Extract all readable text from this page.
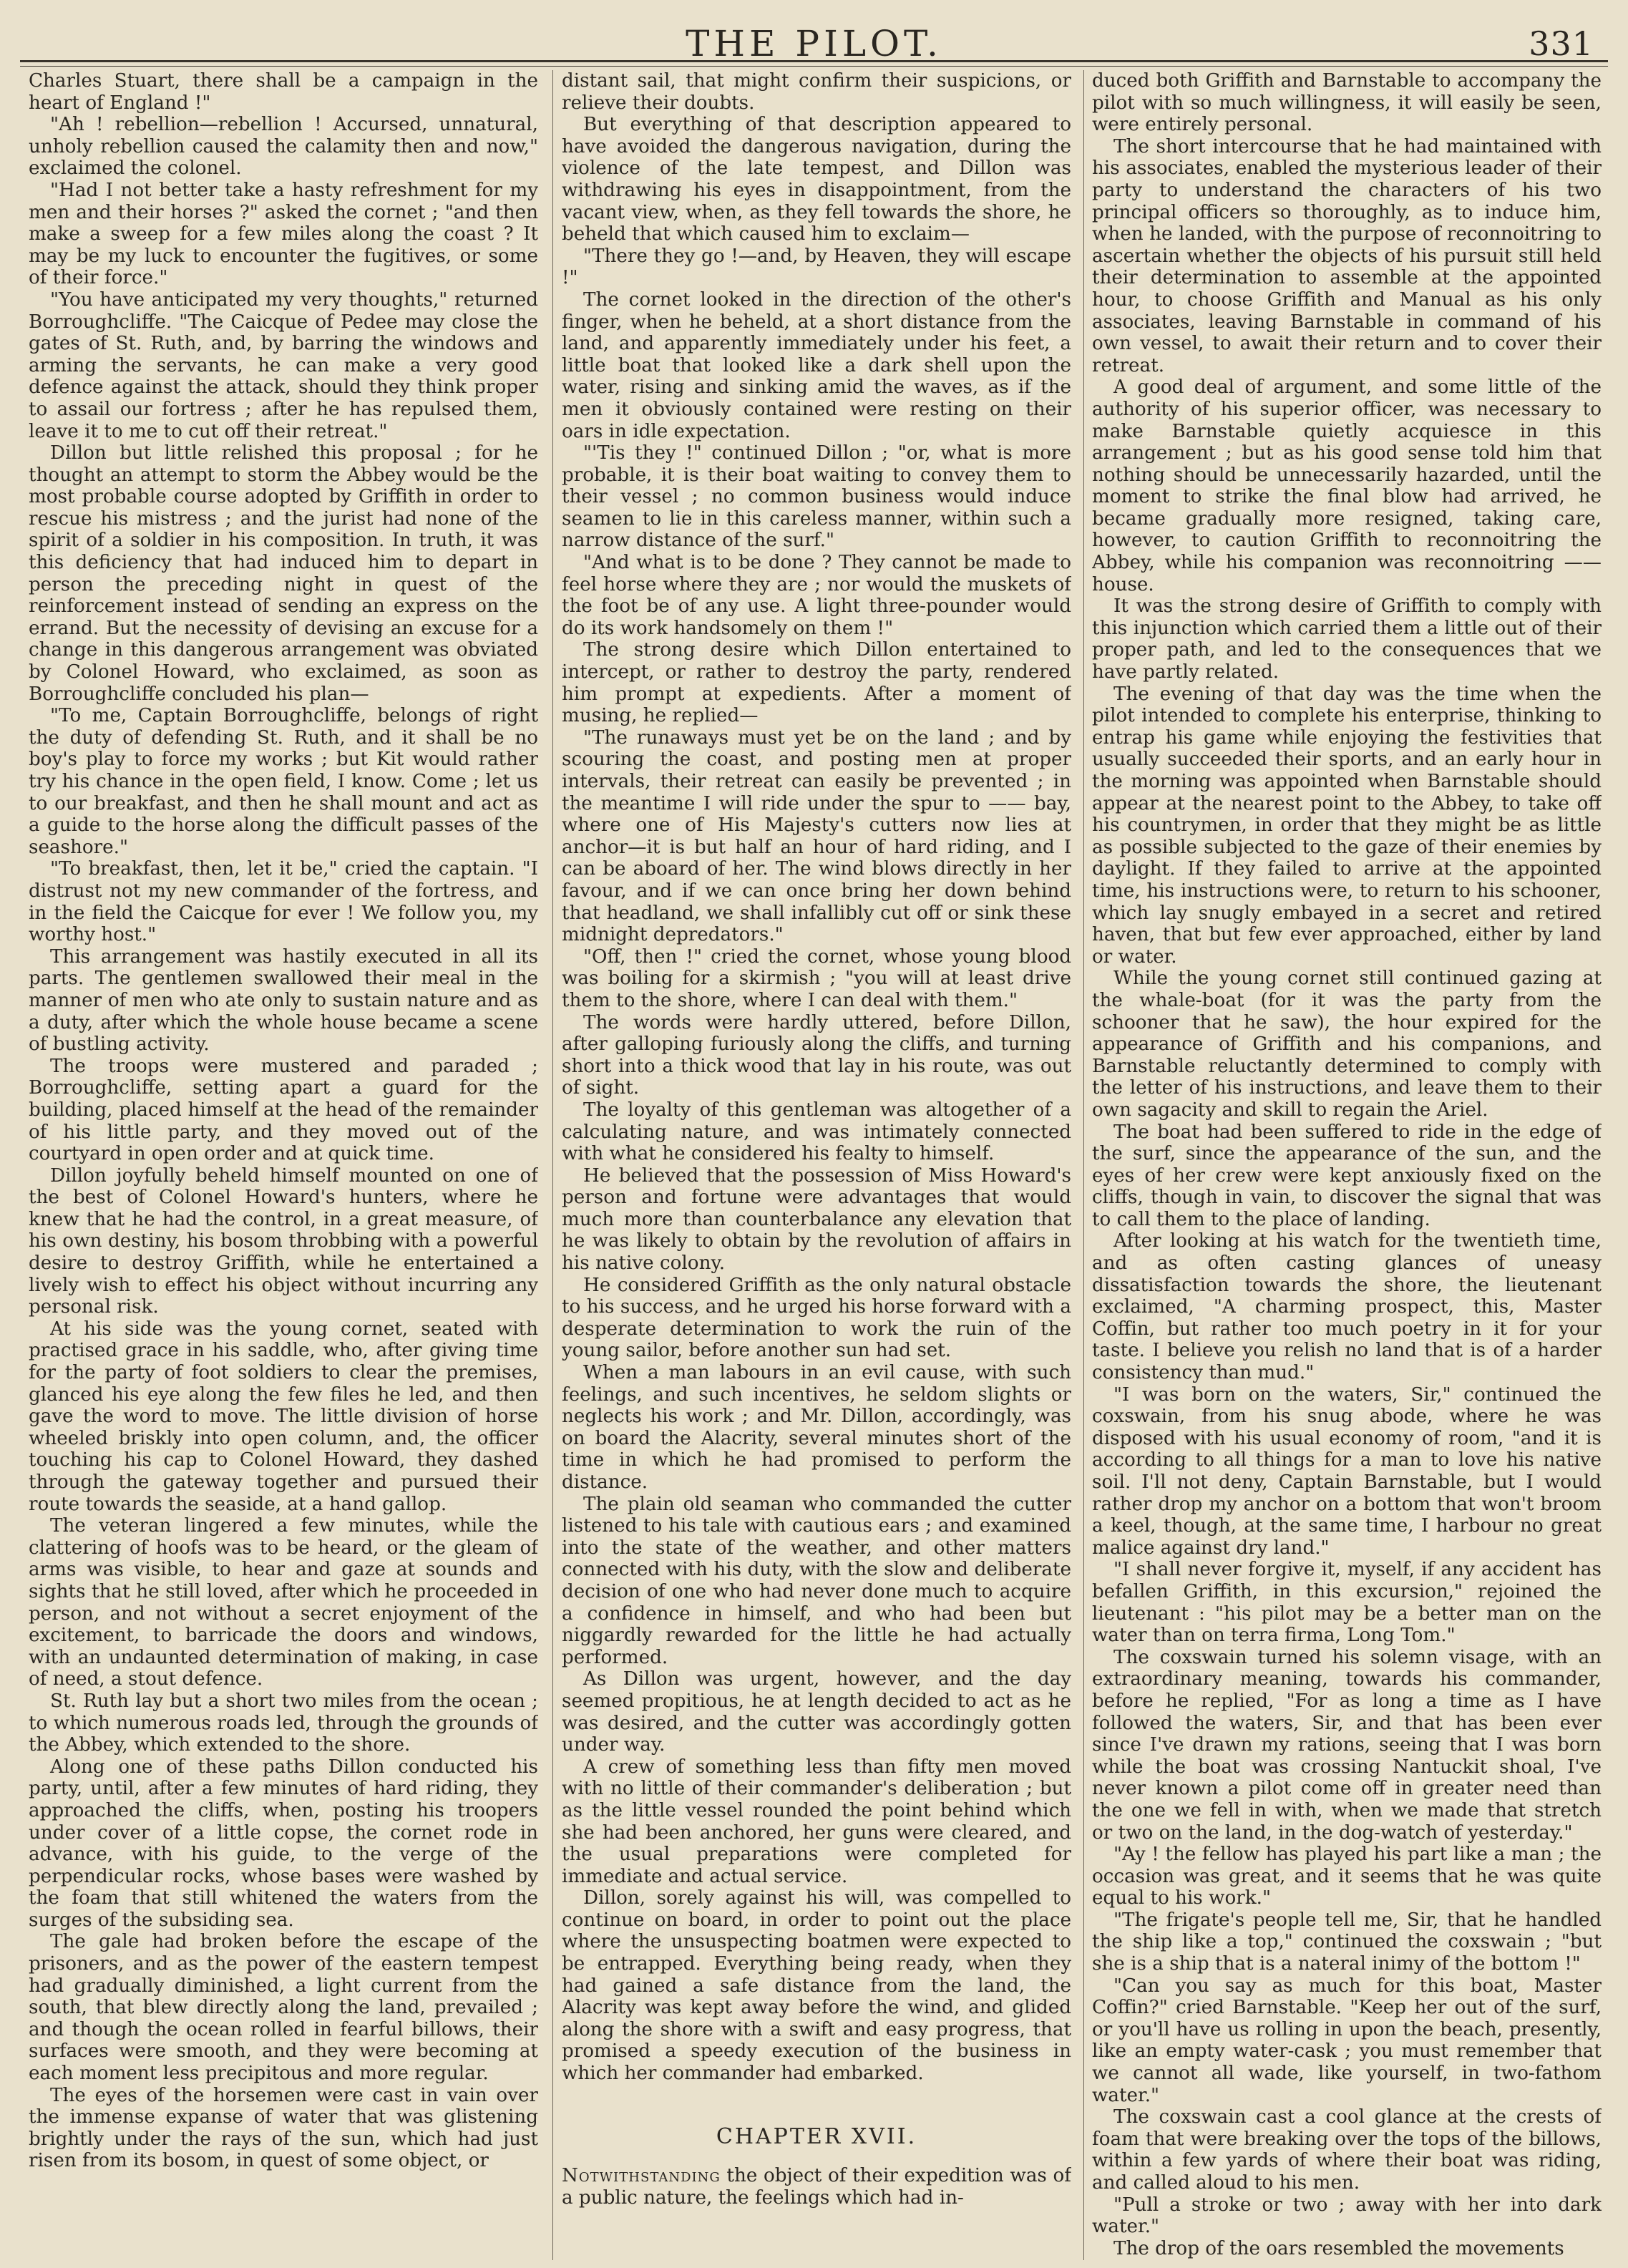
THE PILOT.	331

Charles Stuart, there shall be a campaign in the heart of England !"

"Ah ! rebellion—rebellion ! Accursed, unnatural, unholy rebellion caused the calamity then and now," exclaimed the colonel.

"Had I not better take a hasty refreshment for my men and their horses ?" asked the cornet ; "and then make a sweep for a few miles along the coast ? It may be my luck to encounter the fugitives, or some of their force."

"You have anticipated my very thoughts," returned Borroughcliffe. "The Caicque of Pedee may close the gates of St. Ruth, and, by barring the windows and arming the servants, he can make a very good defence against the attack, should they think proper to assail our fortress ; after he has repulsed them, leave it to me to cut off their retreat."

Dillon but little relished this proposal ; for he thought an attempt to storm the Abbey would be the most probable course adopted by Griffith in order to rescue his mistress ; and the jurist had none of the spirit of a soldier in his composition. In truth, it was this deficiency that had induced him to depart in person the preceding night in quest of the reinforcement instead of sending an express on the errand. But the necessity of devising an excuse for a change in this dangerous arrangement was obviated by Colonel Howard, who exclaimed, as soon as Borroughcliffe concluded his plan—

"To me, Captain Borroughcliffe, belongs of right the duty of defending St. Ruth, and it shall be no boy's play to force my works ; but Kit would rather try his chance in the open field, I know. Come ; let us to our breakfast, and then he shall mount and act as a guide to the horse along the difficult passes of the seashore."

"To breakfast, then, let it be," cried the captain. "I distrust not my new commander of the fortress, and in the field the Caicque for ever ! We follow you, my worthy host."

This arrangement was hastily executed in all its parts. The gentlemen swallowed their meal in the manner of men who ate only to sustain nature and as a duty, after which the whole house became a scene of bustling activity.

The troops were mustered and paraded ; Borroughcliffe, setting apart a guard for the building, placed himself at the head of the remainder of his little party, and they moved out of the courtyard in open order and at quick time.

Dillon joyfully beheld himself mounted on one of the best of Colonel Howard's hunters, where he knew that he had the control, in a great measure, of his own destiny, his bosom throbbing with a powerful desire to destroy Griffith, while he entertained a lively wish to effect his object without incurring any personal risk.

At his side was the young cornet, seated with practised grace in his saddle, who, after giving time for the party of foot soldiers to clear the premises, glanced his eye along the few files he led, and then gave the word to move. The little division of horse wheeled briskly into open column, and, the officer touching his cap to Colonel Howard, they dashed through the gateway together and pursued their route towards the seaside, at a hand gallop.

The veteran lingered a few minutes, while the clattering of hoofs was to be heard, or the gleam of arms was visible, to hear and gaze at sounds and sights that he still loved, after which he proceeded in person, and not without a secret enjoyment of the excitement, to barricade the doors and windows, with an undaunted determination of making, in case of need, a stout defence.

St. Ruth lay but a short two miles from the ocean ; to which numerous roads led, through the grounds of the Abbey, which extended to the shore.

Along one of these paths Dillon conducted his party, until, after a few minutes of hard riding, they approached the cliffs, when, posting his troopers under cover of a little copse, the cornet rode in advance, with his guide, to the verge of the perpendicular rocks, whose bases were washed by the foam that still whitened the waters from the surges of the subsiding sea.

The gale had broken before the escape of the prisoners, and as the power of the eastern tempest had gradually diminished, a light current from the south, that blew directly along the land, prevailed ; and though the ocean rolled in fearful billows, their surfaces were smooth, and they were becoming at each moment less precipitous and more regular.

The eyes of the horsemen were cast in vain over the immense expanse of water that was glistening brightly under the rays of the sun, which had just risen from its bosom, in quest of some object, or

distant sail, that might confirm their suspicions, or relieve their doubts.

But everything of that description appeared to have avoided the dangerous navigation, during the violence of the late tempest, and Dillon was withdrawing his eyes in disappointment, from the vacant view, when, as they fell towards the shore, he beheld that which caused him to exclaim—

"There they go !—and, by Heaven, they will escape !"

The cornet looked in the direction of the other's finger, when he beheld, at a short distance from the land, and apparently immediately under his feet, a little boat that looked like a dark shell upon the water, rising and sinking amid the waves, as if the men it obviously contained were resting on their oars in idle expectation.

"'Tis they !" continued Dillon ; "or, what is more probable, it is their boat waiting to convey them to their vessel ; no common business would induce seamen to lie in this careless manner, within such a narrow distance of the surf."

"And what is to be done ? They cannot be made to feel horse where they are ; nor would the muskets of the foot be of any use. A light three-pounder would do its work handsomely on them !"

The strong desire which Dillon entertained to intercept, or rather to destroy the party, rendered him prompt at expedients. After a moment of musing, he replied—

"The runaways must yet be on the land ; and by scouring the coast, and posting men at proper intervals, their retreat can easily be prevented ; in the meantime I will ride under the spur to —— bay, where one of His Majesty's cutters now lies at anchor—it is but half an hour of hard riding, and I can be aboard of her. The wind blows directly in her favour, and if we can once bring her down behind that headland, we shall infallibly cut off or sink these midnight depredators."

"Off, then !" cried the cornet, whose young blood was boiling for a skirmish ; "you will at least drive them to the shore, where I can deal with them."

The words were hardly uttered, before Dillon, after galloping furiously along the cliffs, and turning short into a thick wood that lay in his route, was out of sight.

The loyalty of this gentleman was altogether of a calculating nature, and was intimately connected with what he considered his fealty to himself.

He believed that the possession of Miss Howard's person and fortune were advantages that would much more than counterbalance any elevation that he was likely to obtain by the revolution of affairs in his native colony.

He considered Griffith as the only natural obstacle to his success, and he urged his horse forward with a desperate determination to work the ruin of the young sailor, before another sun had set.

When a man labours in an evil cause, with such feelings, and such incentives, he seldom slights or neglects his work ; and Mr. Dillon, accordingly, was on board the Alacrity, several minutes short of the time in which he had promised to perform the distance.

The plain old seaman who commanded the cutter listened to his tale with cautious ears ; and examined into the state of the weather, and other matters connected with his duty, with the slow and deliberate decision of one who had never done much to acquire a confidence in himself, and who had been but niggardly rewarded for the little he had actually performed.

As Dillon was urgent, however, and the day seemed propitious, he at length decided to act as he was desired, and the cutter was accordingly gotten under way.

A crew of something less than fifty men moved with no little of their commander's deliberation ; but as the little vessel rounded the point behind which she had been anchored, her guns were cleared, and the usual preparations were completed for immediate and actual service.

Dillon, sorely against his will, was compelled to continue on board, in order to point out the place where the unsuspecting boatmen were expected to be entrapped. Everything being ready, when they had gained a safe distance from the land, the Alacrity was kept away before the wind, and glided along the shore with a swift and easy progress, that promised a speedy execution of the business in which her commander had embarked.

CHAPTER XVII.

Notwithstanding the object of their expedition was of a public nature, the feelings which had in-

duced both Griffith and Barnstable to accompany the pilot with so much willingness, it will easily be seen, were entirely personal.

The short intercourse that he had maintained with his associates, enabled the mysterious leader of their party to understand the characters of his two principal officers so thoroughly, as to induce him, when he landed, with the purpose of reconnoitring to ascertain whether the objects of his pursuit still held their determination to assemble at the appointed hour, to choose Griffith and Manual as his only associates, leaving Barnstable in command of his own vessel, to await their return and to cover their retreat.

A good deal of argument, and some little of the authority of his superior officer, was necessary to make Barnstable quietly acquiesce in this arrangement ; but as his good sense told him that nothing should be unnecessarily hazarded, until the moment to strike the final blow had arrived, he became gradually more resigned, taking care, however, to caution Griffith to reconnoitring the Abbey, while his companion was reconnoitring —— house.

It was the strong desire of Griffith to comply with this injunction which carried them a little out of their proper path, and led to the consequences that we have partly related.

The evening of that day was the time when the pilot intended to complete his enterprise, thinking to entrap his game while enjoying the festivities that usually succeeded their sports, and an early hour in the morning was appointed when Barnstable should appear at the nearest point to the Abbey, to take off his countrymen, in order that they might be as little as possible subjected to the gaze of their enemies by daylight. If they failed to arrive at the appointed time, his instructions were, to return to his schooner, which lay snugly embayed in a secret and retired haven, that but few ever approached, either by land or water.

While the young cornet still continued gazing at the whale-boat (for it was the party from the schooner that he saw), the hour expired for the appearance of Griffith and his companions, and Barnstable reluctantly determined to comply with the letter of his instructions, and leave them to their own sagacity and skill to regain the Ariel.

The boat had been suffered to ride in the edge of the surf, since the appearance of the sun, and the eyes of her crew were kept anxiously fixed on the cliffs, though in vain, to discover the signal that was to call them to the place of landing.

After looking at his watch for the twentieth time, and as often casting glances of uneasy dissatisfaction towards the shore, the lieutenant exclaimed, "A charming prospect, this, Master Coffin, but rather too much poetry in it for your taste. I believe you relish no land that is of a harder consistency than mud."

"I was born on the waters, Sir," continued the coxswain, from his snug abode, where he was disposed with his usual economy of room, "and it is according to all things for a man to love his native soil. I'll not deny, Captain Barnstable, but I would rather drop my anchor on a bottom that won't broom a keel, though, at the same time, I harbour no great malice against dry land."

"I shall never forgive it, myself, if any accident has befallen Griffith, in this excursion," rejoined the lieutenant : "his pilot may be a better man on the water than on terra firma, Long Tom."

The coxswain turned his solemn visage, with an extraordinary meaning, towards his commander, before he replied, "For as long a time as I have followed the waters, Sir, and that has been ever since I've drawn my rations, seeing that I was born while the boat was crossing Nantuckit shoal, I've never known a pilot come off in greater need than the one we fell in with, when we made that stretch or two on the land, in the dog-watch of yesterday."

"Ay ! the fellow has played his part like a man ; the occasion was great, and it seems that he was quite equal to his work."

"The frigate's people tell me, Sir, that he handled the ship like a top," continued the coxswain ; "but she is a ship that is a nateral inimy of the bottom !"

"Can you say as much for this boat, Master Coffin?" cried Barnstable. "Keep her out of the surf, or you'll have us rolling in upon the beach, presently, like an empty water-cask ; you must remember that we cannot all wade, like yourself, in two-fathom water."

The coxswain cast a cool glance at the crests of foam that were breaking over the tops of the billows, within a few yards of where their boat was riding, and called aloud to his men.

"Pull a stroke or two ; away with her into dark water."

The drop of the oars resembled the movements
